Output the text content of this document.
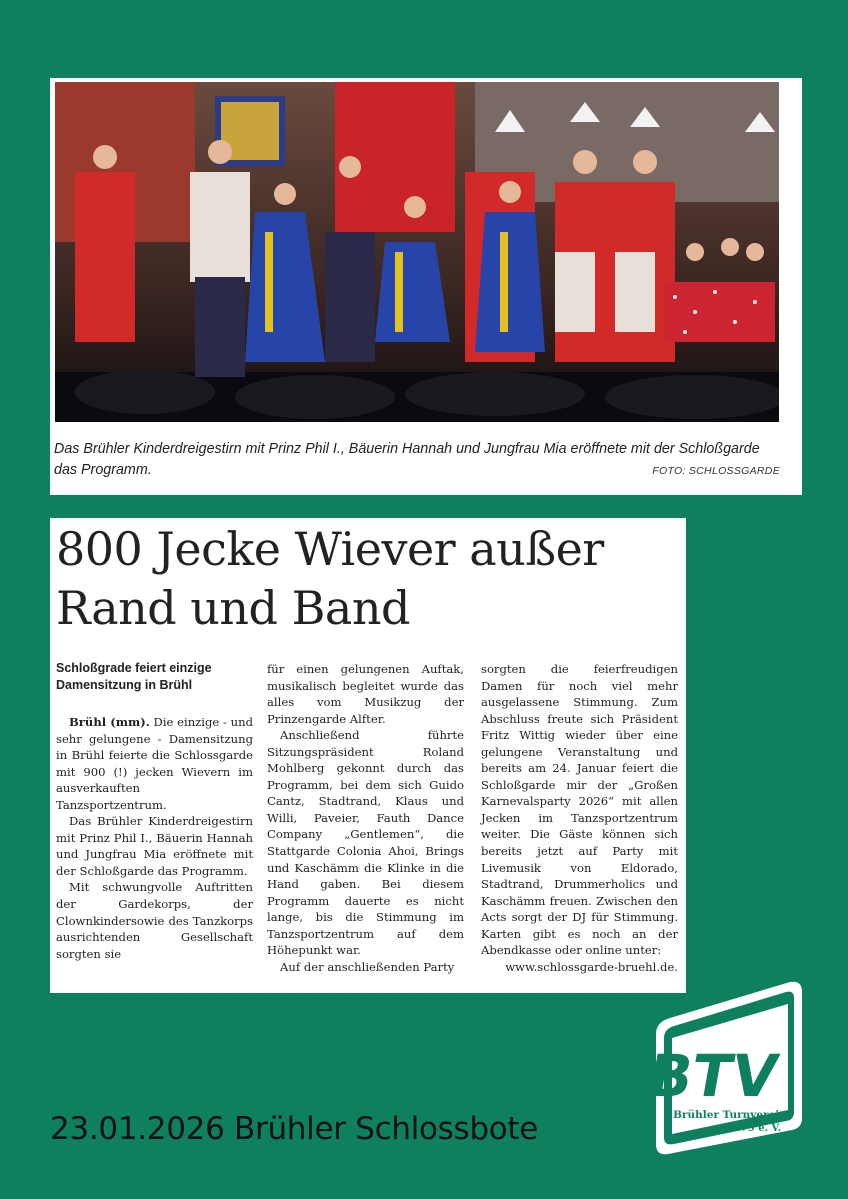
Das Brühler Kinderdreigestirn mit Prinz Phil I., Bäuerin Hannah und Jungfrau Mia eröffnete mit der Schloßgarde das Programm.	FOTO: SCHLOSSGARDE
800 Jecke Wiever außer Rand und Band
Schloßgrade feiert einzige Damensitzung in Brühl

Brühl (mm). Die einzige - und sehr gelungene - Damensitzung in Brühl feierte die Schlossgarde mit 900 (!) jecken Wievern im ausverkauften Tanzsportzentrum.

Das Brühler Kinderdreigestirn mit Prinz Phil I., Bäuerin Hannah und Jungfrau Mia eröffnete mit der Schloßgarde das Programm.

Mit schwungvolle Auftritten der Gardekorps, der Clownkindersowie des Tanzkorps ausrichtenden Gesellschaft sorgten sie

für einen gelungenen Auftak, musikalisch begleitet wurde das alles vom Musikzug der Prinzengarde Alfter.

Anschließend führte Sitzungspräsident Roland Mohlberg gekonnt durch das Programm, bei dem sich Guido Cantz, Stadtrand, Klaus und Willi, Paveier, Fauth Dance Company „Gentlemen“, die Stattgarde Colonia Ahoi, Brings und Kaschämm die Klinke in die Hand gaben. Bei diesem Programm dauerte es nicht lange, bis die Stimmung im Tanzsportzentrum auf dem Höhepunkt war.

Auf der anschließenden Party

sorgten die feierfreudigen Damen für noch viel mehr ausgelassene Stimmung. Zum Abschluss freute sich Präsident Fritz Wittig wieder über eine gelungene Veranstaltung und bereits am 24. Januar feiert die Schloßgarde mir der „Großen Karnevalsparty 2026“ mit allen Jecken im Tanzsportzentrum weiter. Die Gäste können sich bereits jetzt auf Party mit Livemusik von Eldorado, Stadtrand, Drummerholics und Kaschämm freuen. Zwischen den Acts sorgt der DJ für Stimmung. Karten gibt es noch an der Abendkasse oder online unter:

www.schlossgarde-bruehl.de.

23.01.2026 Brühler Schlossbote
BTV
Brühler Turnverein
1879 e. V.
